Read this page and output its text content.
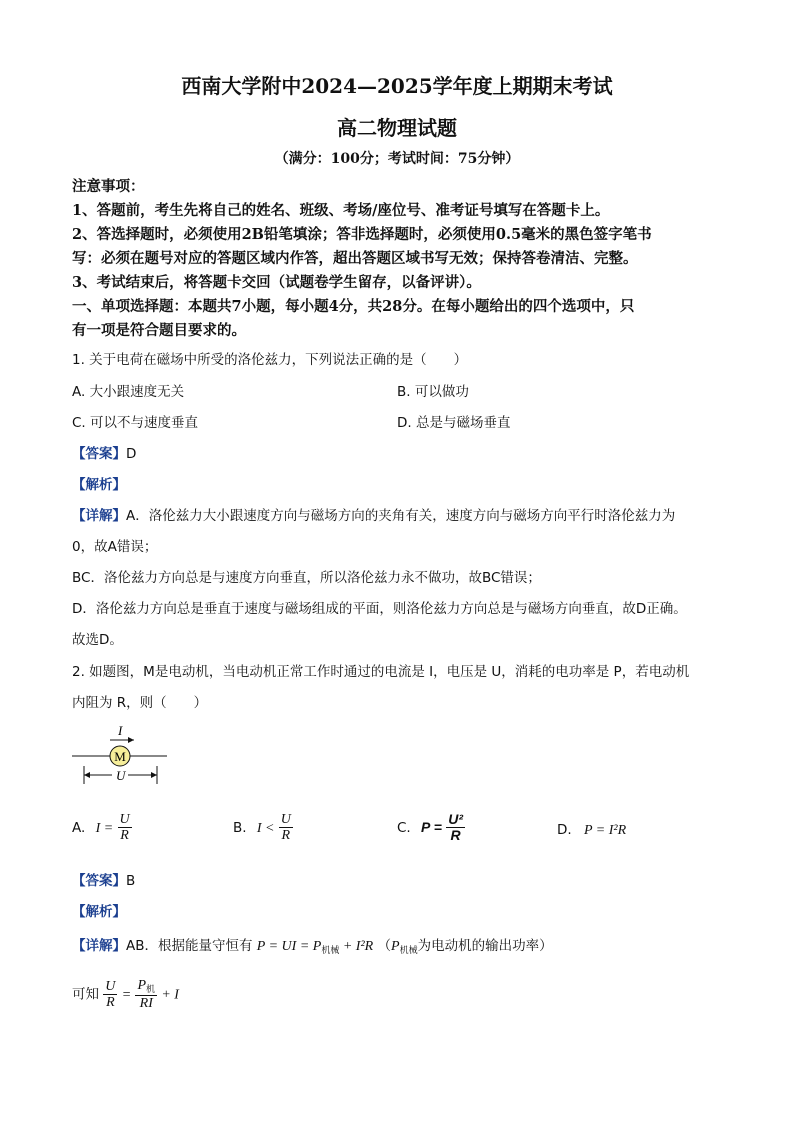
西南大学附中2024—2025学年度上期期末考试
高二物理试题
（满分：100分；考试时间：75分钟）
注意事项：
1、答题前，考生先将自己的姓名、班级、考场/座位号、准考证号填写在答题卡上。
2、答选择题时，必须使用2B铅笔填涂；答非选择题时，必须使用0.5毫米的黑色签字笔书
写：必须在题号对应的答题区域内作答，超出答题区域书写无效；保持答卷清洁、完整。
3、考试结束后，将答题卡交回（试题卷学生留存，以备评讲）。
一、单项选择题：本题共7小题，每小题4分，共28分。在每小题给出的四个选项中，只
有一项是符合题目要求的。
1. 关于电荷在磁场中所受的洛伦兹力，下列说法正确的是（　　）
A. 大小跟速度无关	B. 可以做功
C. 可以不与速度垂直	D. 总是与磁场垂直
【答案】D
【解析】
【详解】A．洛伦兹力大小跟速度方向与磁场方向的夹角有关，速度方向与磁场方向平行时洛伦兹力为
0，故A错误；
BC．洛伦兹力方向总是与速度方向垂直，所以洛伦兹力永不做功，故BC错误；
D．洛伦兹力方向总是垂直于速度与磁场组成的平面，则洛伦兹力方向总是与磁场方向垂直，故D正确。
故选D。
2. 如题图，M是电动机，当电动机正常工作时通过的电流是 I，电压是 U，消耗的电功率是 P，若电动机
内阻为 R，则（　　）
M
I
U
A. $I = \frac{U}{R}$	B. $I < \frac{U}{R}$	C. $P = \frac{\text{U²}}{R}$	D. P = I²R
【答案】B
【解析】
【详解】AB．根据能量守恒有 P = UI = $P_{机械} + I^2R$ （$P_{机械}$为电动机的输出功率）
可知 $\frac{U}{R} = \frac{P_机}{RI} + I$
